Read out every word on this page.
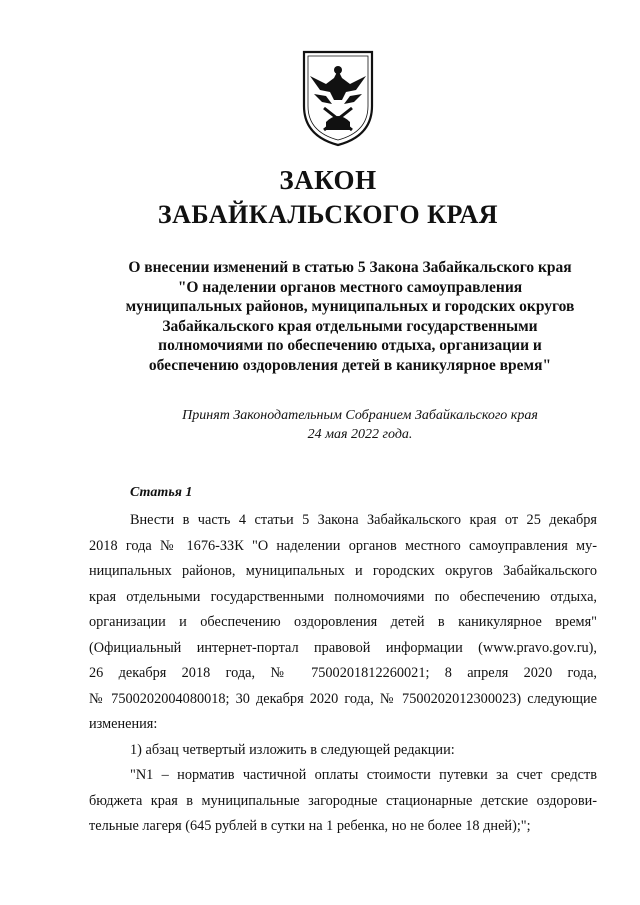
ЗАКОН
ЗАБАЙКАЛЬСКОГО КРАЯ
О внесении изменений в статью 5 Закона Забайкальского края
"О наделении органов местного самоуправления
муниципальных районов, муниципальных и городских округов
Забайкальского края отдельными государственными
полномочиями по обеспечению отдыха, организации и
обеспечению оздоровления детей в каникулярное время"
Принят Законодательным Собранием Забайкальского края
24 мая 2022 года.
Статья 1
Внести в часть 4 статьи 5 Закона Забайкальского края от 25 декабря
2018 года № 1676-ЗЗК "О наделении органов местного самоуправления му-
ниципальных районов, муниципальных и городских округов Забайкальского
края отдельными государственными полномочиями по обеспечению отдыха,
организации и обеспечению оздоровления детей в каникулярное время"
(Официальный интернет-портал правовой информации (www.pravo.gov.ru),
26 декабря 2018 года, № 7500201812260021; 8 апреля 2020 года,
№ 7500202004080018; 30 декабря 2020 года, № 7500202012300023) следующие
изменения:
1) абзац четвертый изложить в следующей редакции:
"N1 – норматив частичной оплаты стоимости путевки за счет средств
бюджета края в муниципальные загородные стационарные детские оздорови-
тельные лагеря (645 рублей в сутки на 1 ребенка, но не более 18 дней);";
